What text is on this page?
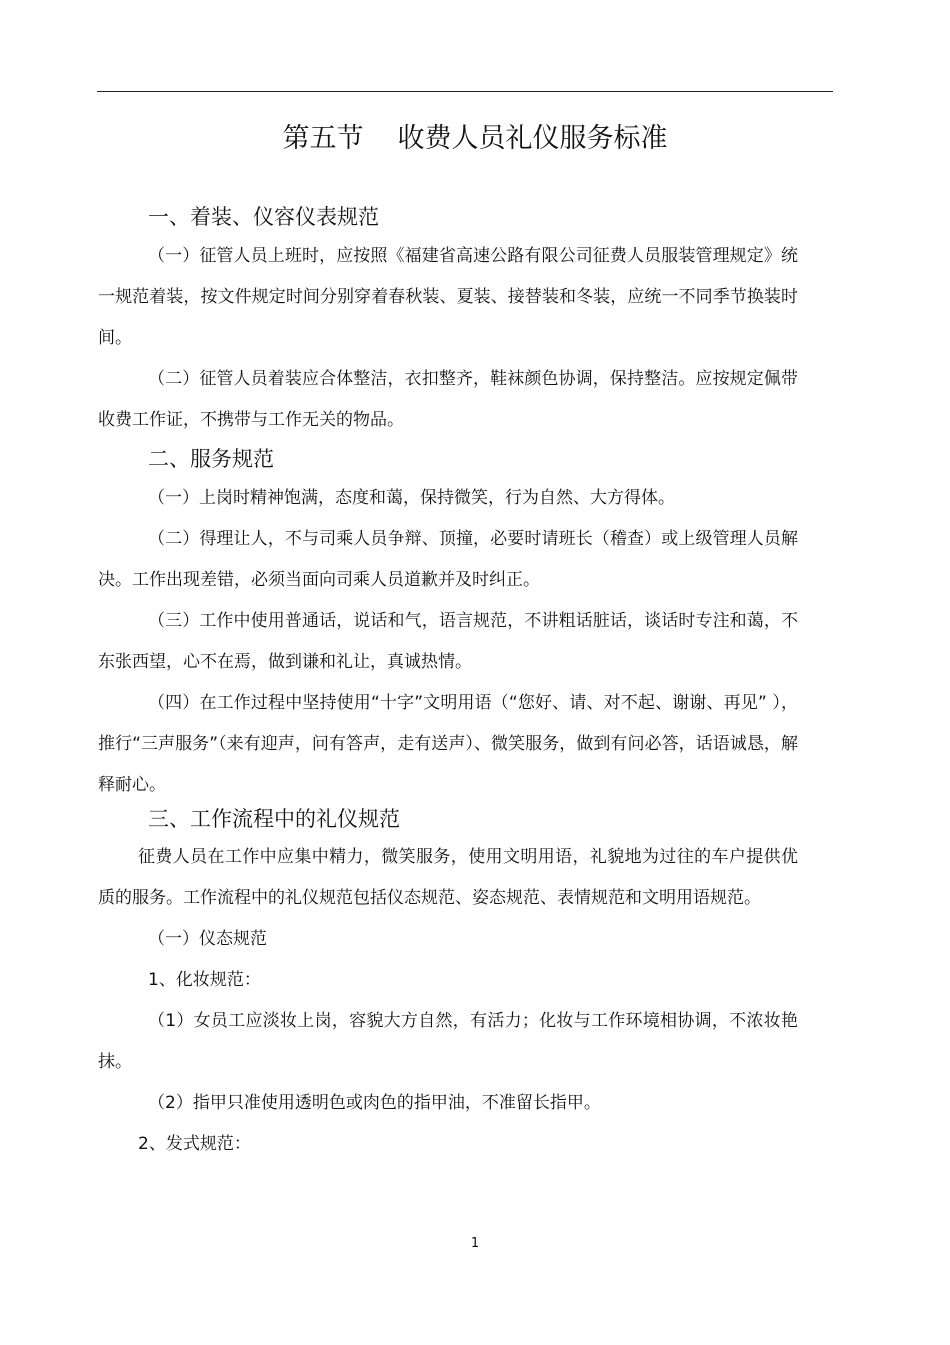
第五节 收费人员礼仪服务标准
一、着装、仪容仪表规范

（一）征管人员上班时，应按照《福建省高速公路有限公司征费人员服装管理规定》统一规范着装，按文件规定时间分别穿着春秋装、夏装、接替装和冬装，应统一不同季节换装时间。

（二）征管人员着装应合体整洁，衣扣整齐，鞋袜颜色协调，保持整洁。应按规定佩带收费工作证，不携带与工作无关的物品。

二、服务规范

（一）上岗时精神饱满，态度和蔼，保持微笑，行为自然、大方得体。

（二）得理让人，不与司乘人员争辩、顶撞，必要时请班长（稽查）或上级管理人员解决。工作出现差错，必须当面向司乘人员道歉并及时纠正。

（三）工作中使用普通话，说话和气，语言规范，不讲粗话脏话，谈话时专注和蔼，不东张西望，心不在焉，做到谦和礼让，真诚热情。

（四）在工作过程中坚持使用“十字”文明用语（“您好、请、对不起、谢谢、再见” ），推行“三声服务”（来有迎声，问有答声，走有送声）、微笑服务，做到有问必答，话语诚恳，解释耐心。

三、工作流程中的礼仪规范

征费人员在工作中应集中精力，微笑服务，使用文明用语，礼貌地为过往的车户提供优质的服务。工作流程中的礼仪规范包括仪态规范、姿态规范、表情规范和文明用语规范。

（一）仪态规范

1、化妆规范：

（1）女员工应淡妆上岗，容貌大方自然，有活力；化妆与工作环境相协调，不浓妆艳抹。

（2）指甲只准使用透明色或肉色的指甲油，不准留长指甲。

2、发式规范：

1
